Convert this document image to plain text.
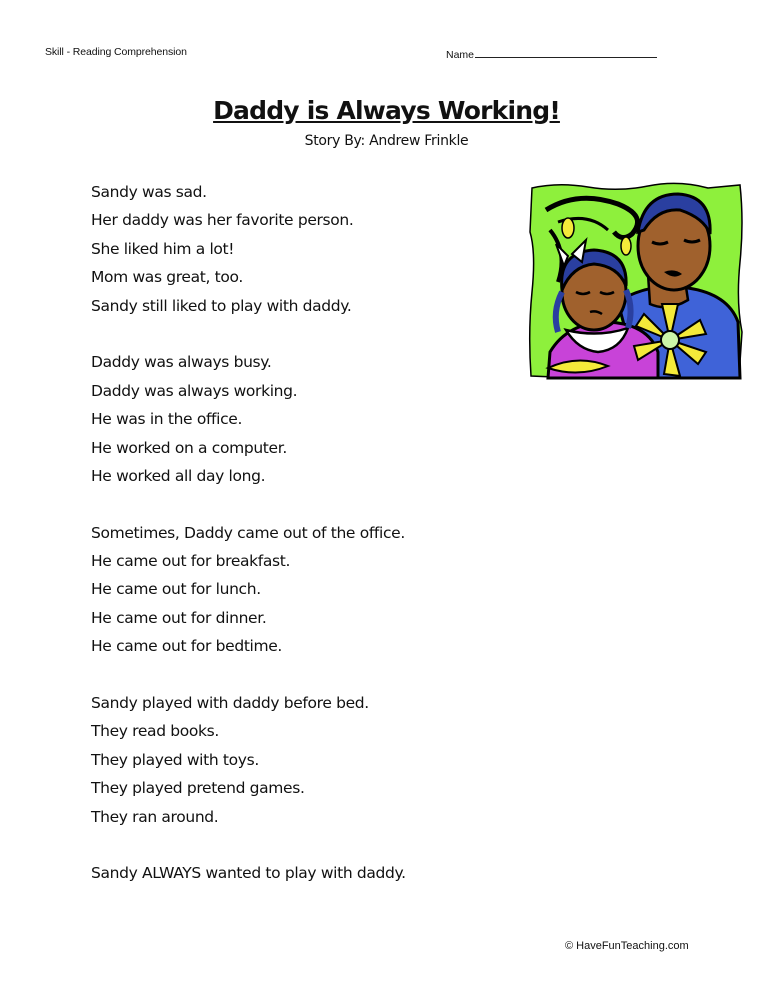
Skill - Reading Comprehension	Name
Daddy is Always Working!
Story By: Andrew Frinkle
Sandy was sad.
Her daddy was her favorite person.
She liked him a lot!
Mom was great, too.
Sandy still liked to play with daddy.
Daddy was always busy.
Daddy was always working.
He was in the office.
He worked on a computer.
He worked all day long.
Sometimes, Daddy came out of the office.
He came out for breakfast.
He came out for lunch.
He came out for dinner.
He came out for bedtime.
Sandy played with daddy before bed.
They read books.
They played with toys.
They played pretend games.
They ran around.
Sandy ALWAYS wanted to play with daddy.
© HaveFunTeaching.com
